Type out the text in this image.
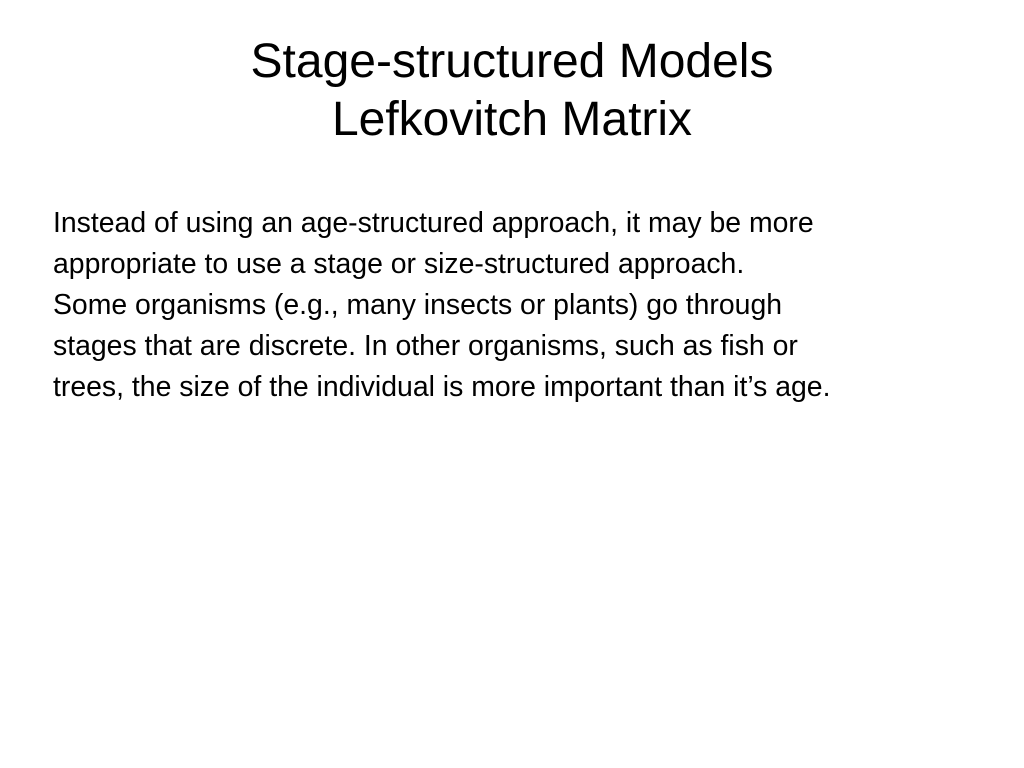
Stage-structured Models
Lefkovitch Matrix

Instead of using an age-structured approach, it may be more
appropriate to use a stage or size-structured approach.
Some organisms (e.g., many insects or plants) go through
stages that are discrete. In other organisms, such as fish or
trees, the size of the individual is more important than it’s age.
